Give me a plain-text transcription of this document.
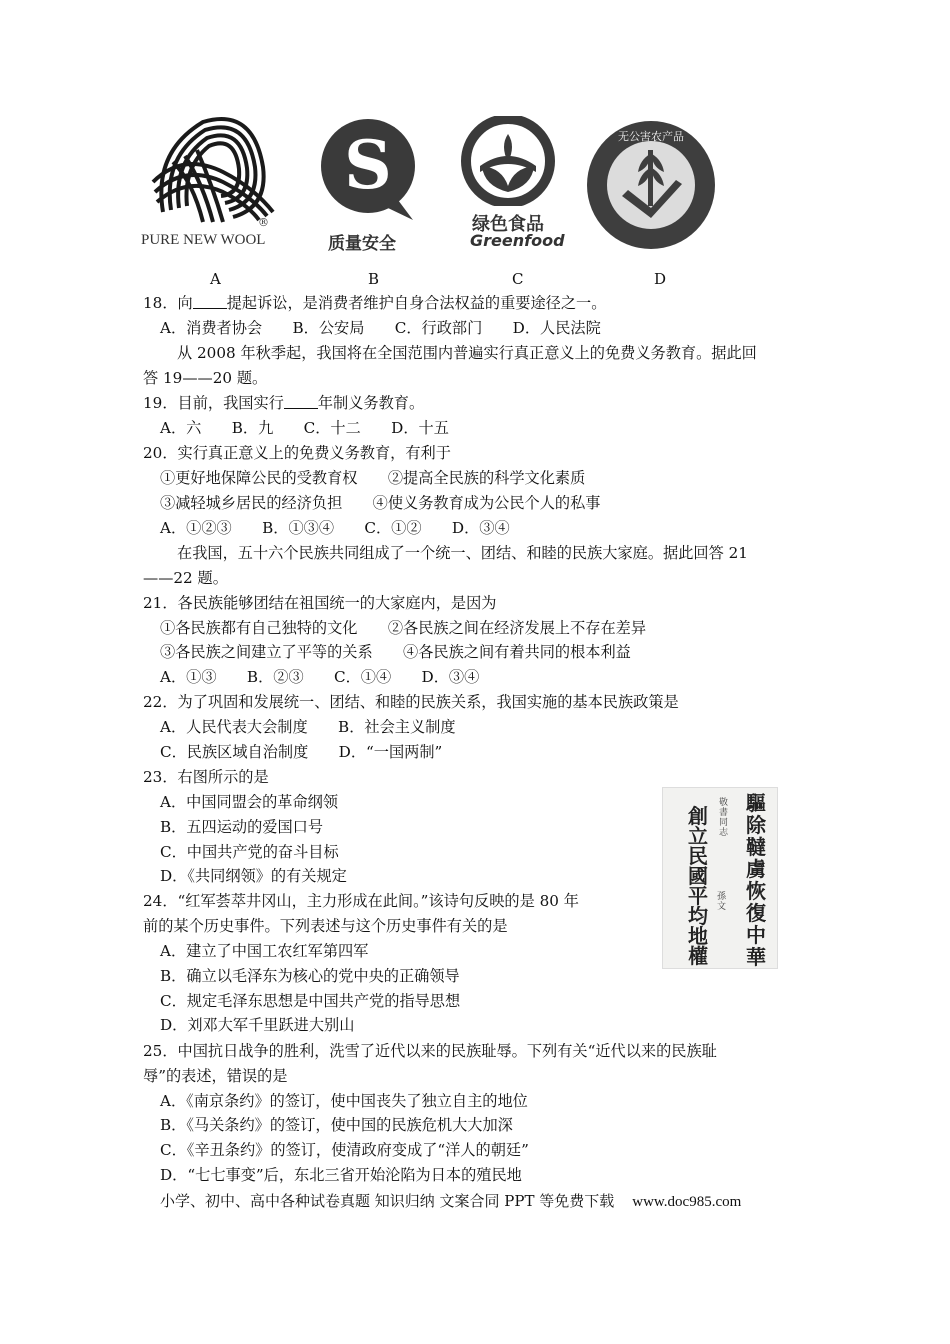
PURE NEW WOOL
®
S
质量安全
绿色食品
Greenfood
无公害农产品
A	B	C	D
18．向 提起诉讼，是消费者维护自身合法权益的重要途径之一。
A．消费者协会　　B．公安局　　C．行政部门　　D．人民法院
从 2008 年秋季起，我国将在全国范围内普遍实行真正意义上的免费义务教育。据此回
答 19——20 题。
19．目前，我国实行 年制义务教育。
A．六　　B．九　　C．十二　　D．十五
20．实行真正意义上的免费义务教育，有利于
①更好地保障公民的受教育权　　②提高全民族的科学文化素质
③减轻城乡居民的经济负担　　④使义务教育成为公民个人的私事
A．①②③　　B．①③④　　C．①②　　D．③④
在我国，五十六个民族共同组成了一个统一、团结、和睦的民族大家庭。据此回答 21
——22 题。
21．各民族能够团结在祖国统一的大家庭内，是因为
①各民族都有自己独特的文化　　②各民族之间在经济发展上不存在差异
③各民族之间建立了平等的关系　　④各民族之间有着共同的根本利益
A．①③　　B．②③　　C．①④　　D．③④
22．为了巩固和发展统一、团结、和睦的民族关系，我国实施的基本民族政策是
A．人民代表大会制度　　B．社会主义制度
C．民族区域自治制度　　D．“一国两制”
23．右图所示的是
A．中国同盟会的革命纲领
B．五四运动的爱国口号
C．中国共产党的奋斗目标
D．《共同纲领》的有关规定
驅除韃虜恢復中華
敬書同志
創立民國平均地權
孫文
24．“红军荟萃井冈山，主力形成在此间。”该诗句反映的是 80 年
前的某个历史事件。下列表述与这个历史事件有关的是
A．建立了中国工农红军第四军
B．确立以毛泽东为核心的党中央的正确领导
C．规定毛泽东思想是中国共产党的指导思想
D．刘邓大军千里跃进大别山
25．中国抗日战争的胜利，洗雪了近代以来的民族耻辱。下列有关“近代以来的民族耻
辱”的表述，错误的是
A．《南京条约》的签订，使中国丧失了独立自主的地位
B．《马关条约》的签订，使中国的民族危机大大加深
C．《辛丑条约》的签订，使清政府变成了“洋人的朝廷”
D．“七七事变”后，东北三省开始沦陷为日本的殖民地
小学、初中、高中各种试卷真题 知识归纳 文案合同 PPT 等免费下载 www.doc985.com
